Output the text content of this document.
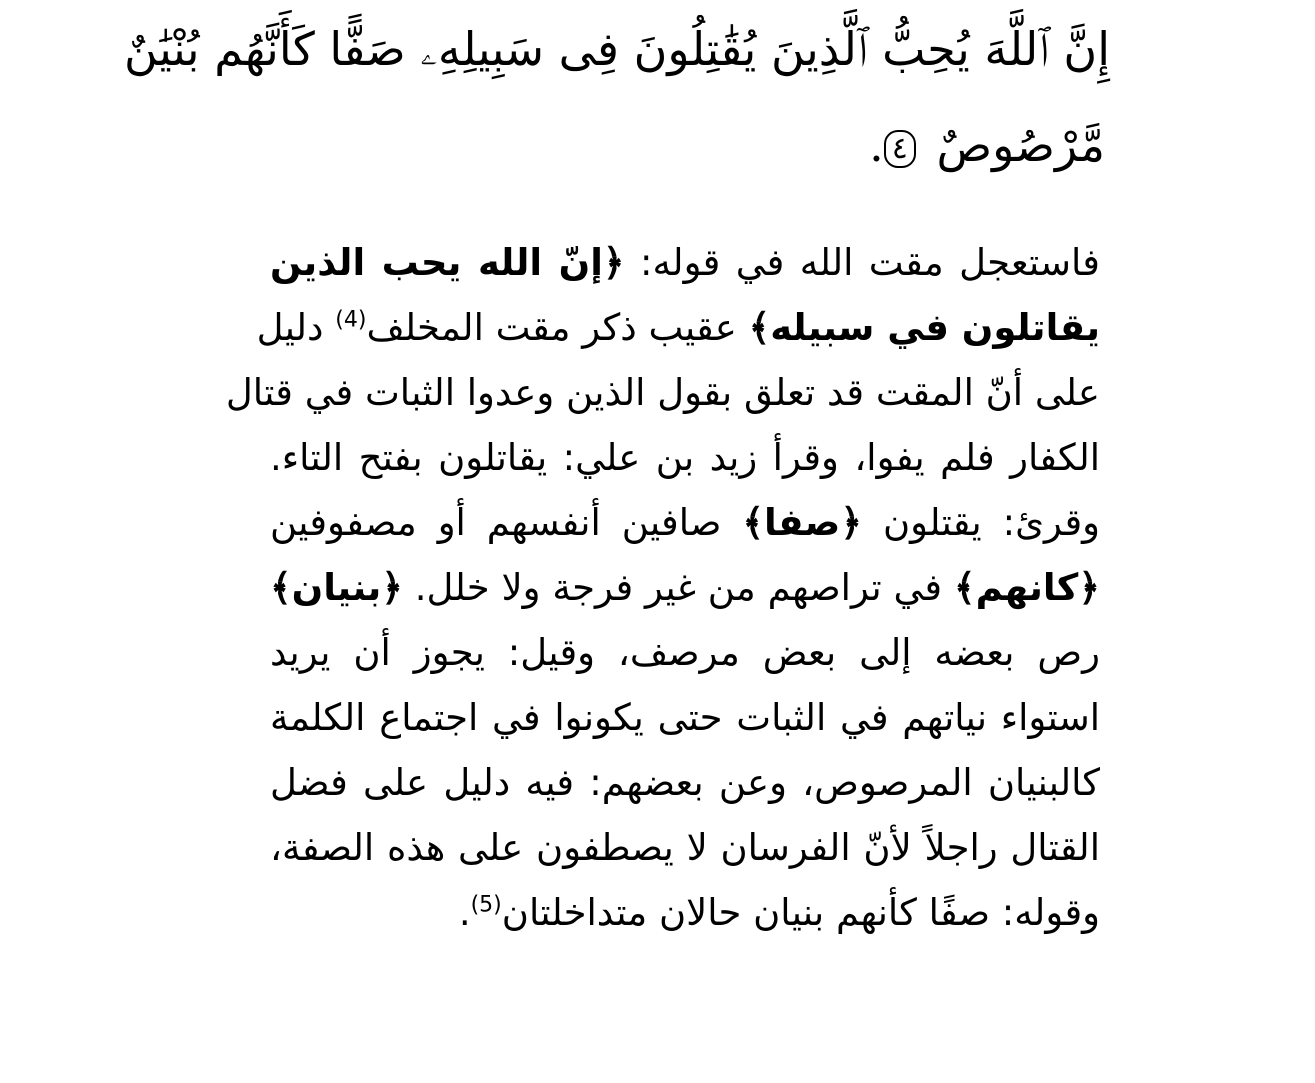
إِنَّ ٱللَّهَ يُحِبُّ ٱلَّذِينَ يُقَٰتِلُونَ فِى سَبِيلِهِۦ صَفًّا كَأَنَّهُم بُنْيَٰنٌ
مَّرْصُوصٌ ٤.
فاستعجل مقت الله في قوله: ﴿إنّ الله يحب الذين
يقاتلون في سبيله﴾ عقيب ذكر مقت المخلف$^{(4)}$ دليل
على أنّ المقت قد تعلق بقول الذين وعدوا الثبات في قتال
الكفار فلم يفوا، وقرأ زيد بن علي: يقاتلون بفتح التاء.
وقرئ: يقتلون ﴿صفا﴾ صافين أنفسهم أو مصفوفين
﴿كانهم﴾ في تراصهم من غير فرجة ولا خلل. ﴿بنيان﴾
رص بعضه إلى بعض مرصف، وقيل: يجوز أن يريد
استواء نياتهم في الثبات حتى يكونوا في اجتماع الكلمة
كالبنيان المرصوص، وعن بعضهم: فيه دليل على فضل
القتال راجلاً لأنّ الفرسان لا يصطفون على هذه الصفة،
وقوله: صفًا كأنهم بنيان حالان متداخلتان$^{(5)}$.
